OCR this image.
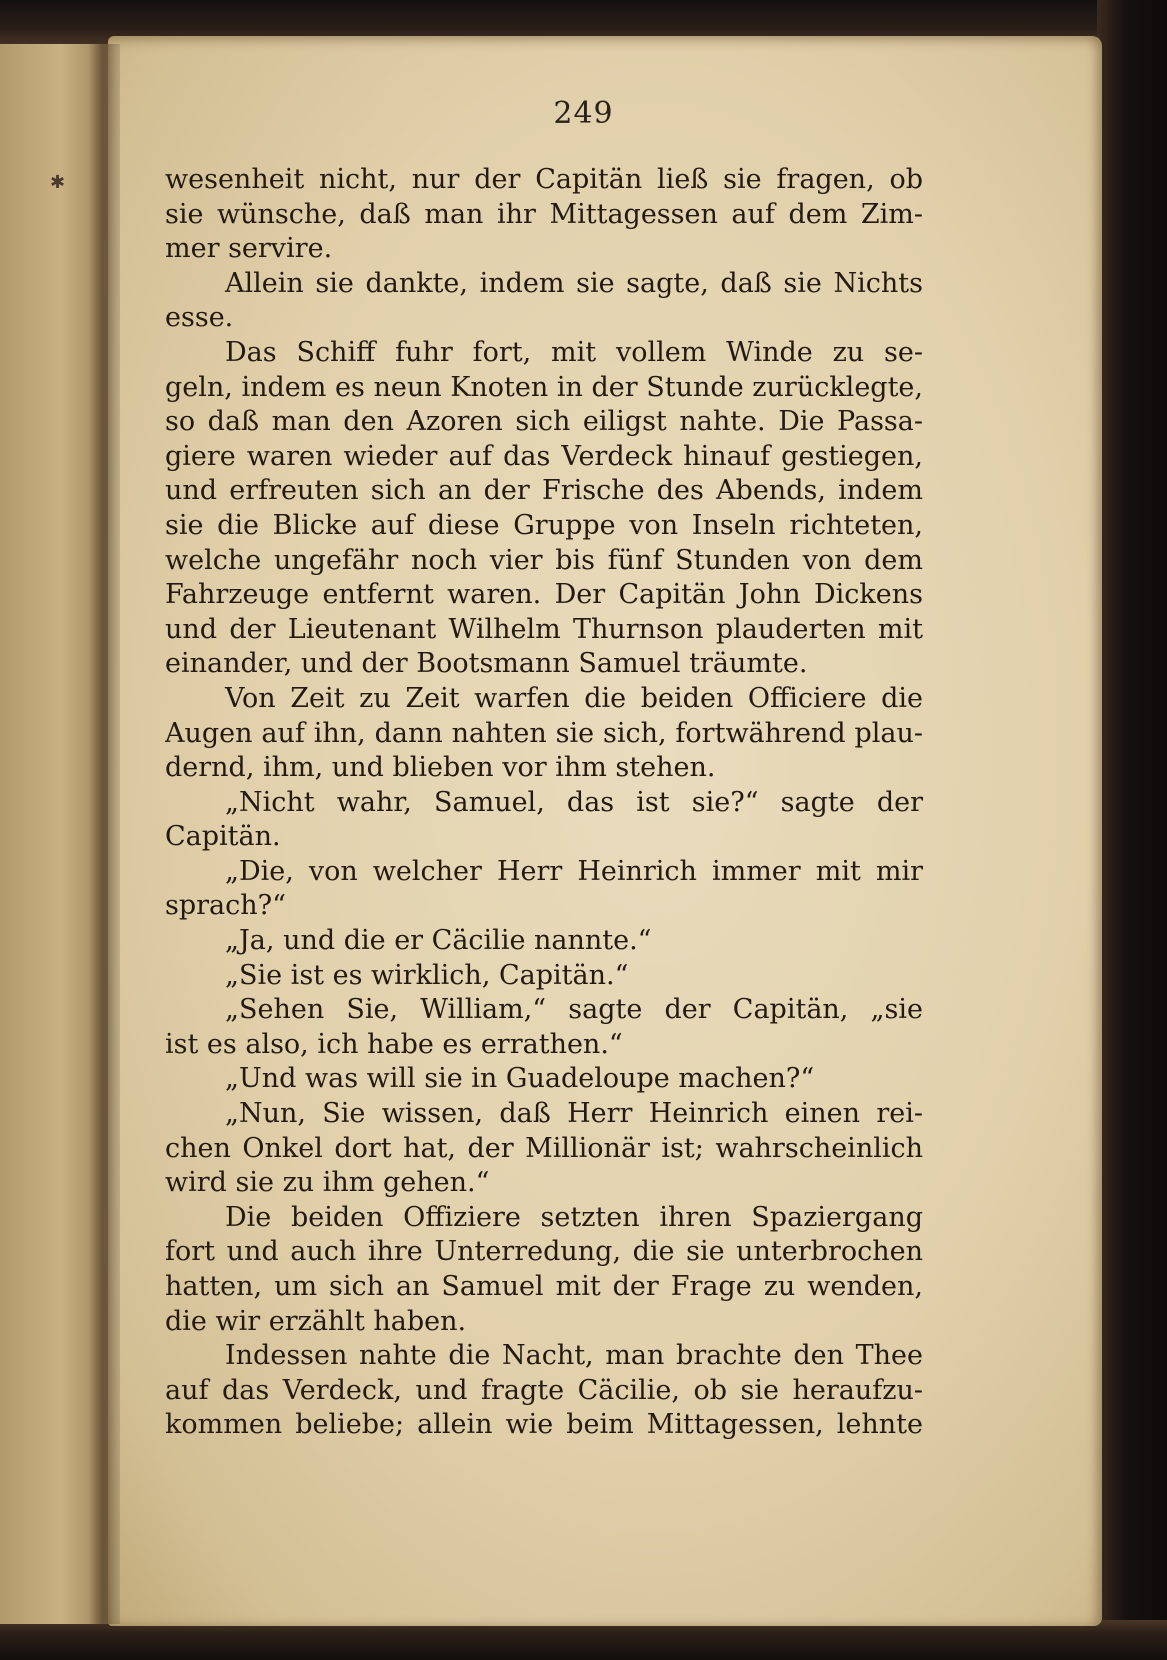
✱
249
wesenheit nicht, nur der Capitän ließ sie fragen, ob
sie wünsche, daß man ihr Mittagessen auf dem Zim-
mer servire.
Allein sie dankte, indem sie sagte, daß sie Nichts
esse.
Das Schiff fuhr fort, mit vollem Winde zu se-
geln, indem es neun Knoten in der Stunde zurücklegte,
so daß man den Azoren sich eiligst nahte. Die Passa-
giere waren wieder auf das Verdeck hinauf gestiegen,
und erfreuten sich an der Frische des Abends, indem
sie die Blicke auf diese Gruppe von Inseln richteten,
welche ungefähr noch vier bis fünf Stunden von dem
Fahrzeuge entfernt waren. Der Capitän John Dickens
und der Lieutenant Wilhelm Thurnson plauderten mit
einander, und der Bootsmann Samuel träumte.
Von Zeit zu Zeit warfen die beiden Officiere die
Augen auf ihn, dann nahten sie sich, fortwährend plau-
dernd, ihm, und blieben vor ihm stehen.
„Nicht wahr, Samuel, das ist sie?“ sagte der
Capitän.
„Die, von welcher Herr Heinrich immer mit mir
sprach?“
„Ja, und die er Cäcilie nannte.“
„Sie ist es wirklich, Capitän.“
„Sehen Sie, William,“ sagte der Capitän, „sie
ist es also, ich habe es errathen.“
„Und was will sie in Guadeloupe machen?“
„Nun, Sie wissen, daß Herr Heinrich einen rei-
chen Onkel dort hat, der Millionär ist; wahrscheinlich
wird sie zu ihm gehen.“
Die beiden Offiziere setzten ihren Spaziergang
fort und auch ihre Unterredung, die sie unterbrochen
hatten, um sich an Samuel mit der Frage zu wenden,
die wir erzählt haben.
Indessen nahte die Nacht, man brachte den Thee
auf das Verdeck, und fragte Cäcilie, ob sie heraufzu-
kommen beliebe; allein wie beim Mittagessen, lehnte
